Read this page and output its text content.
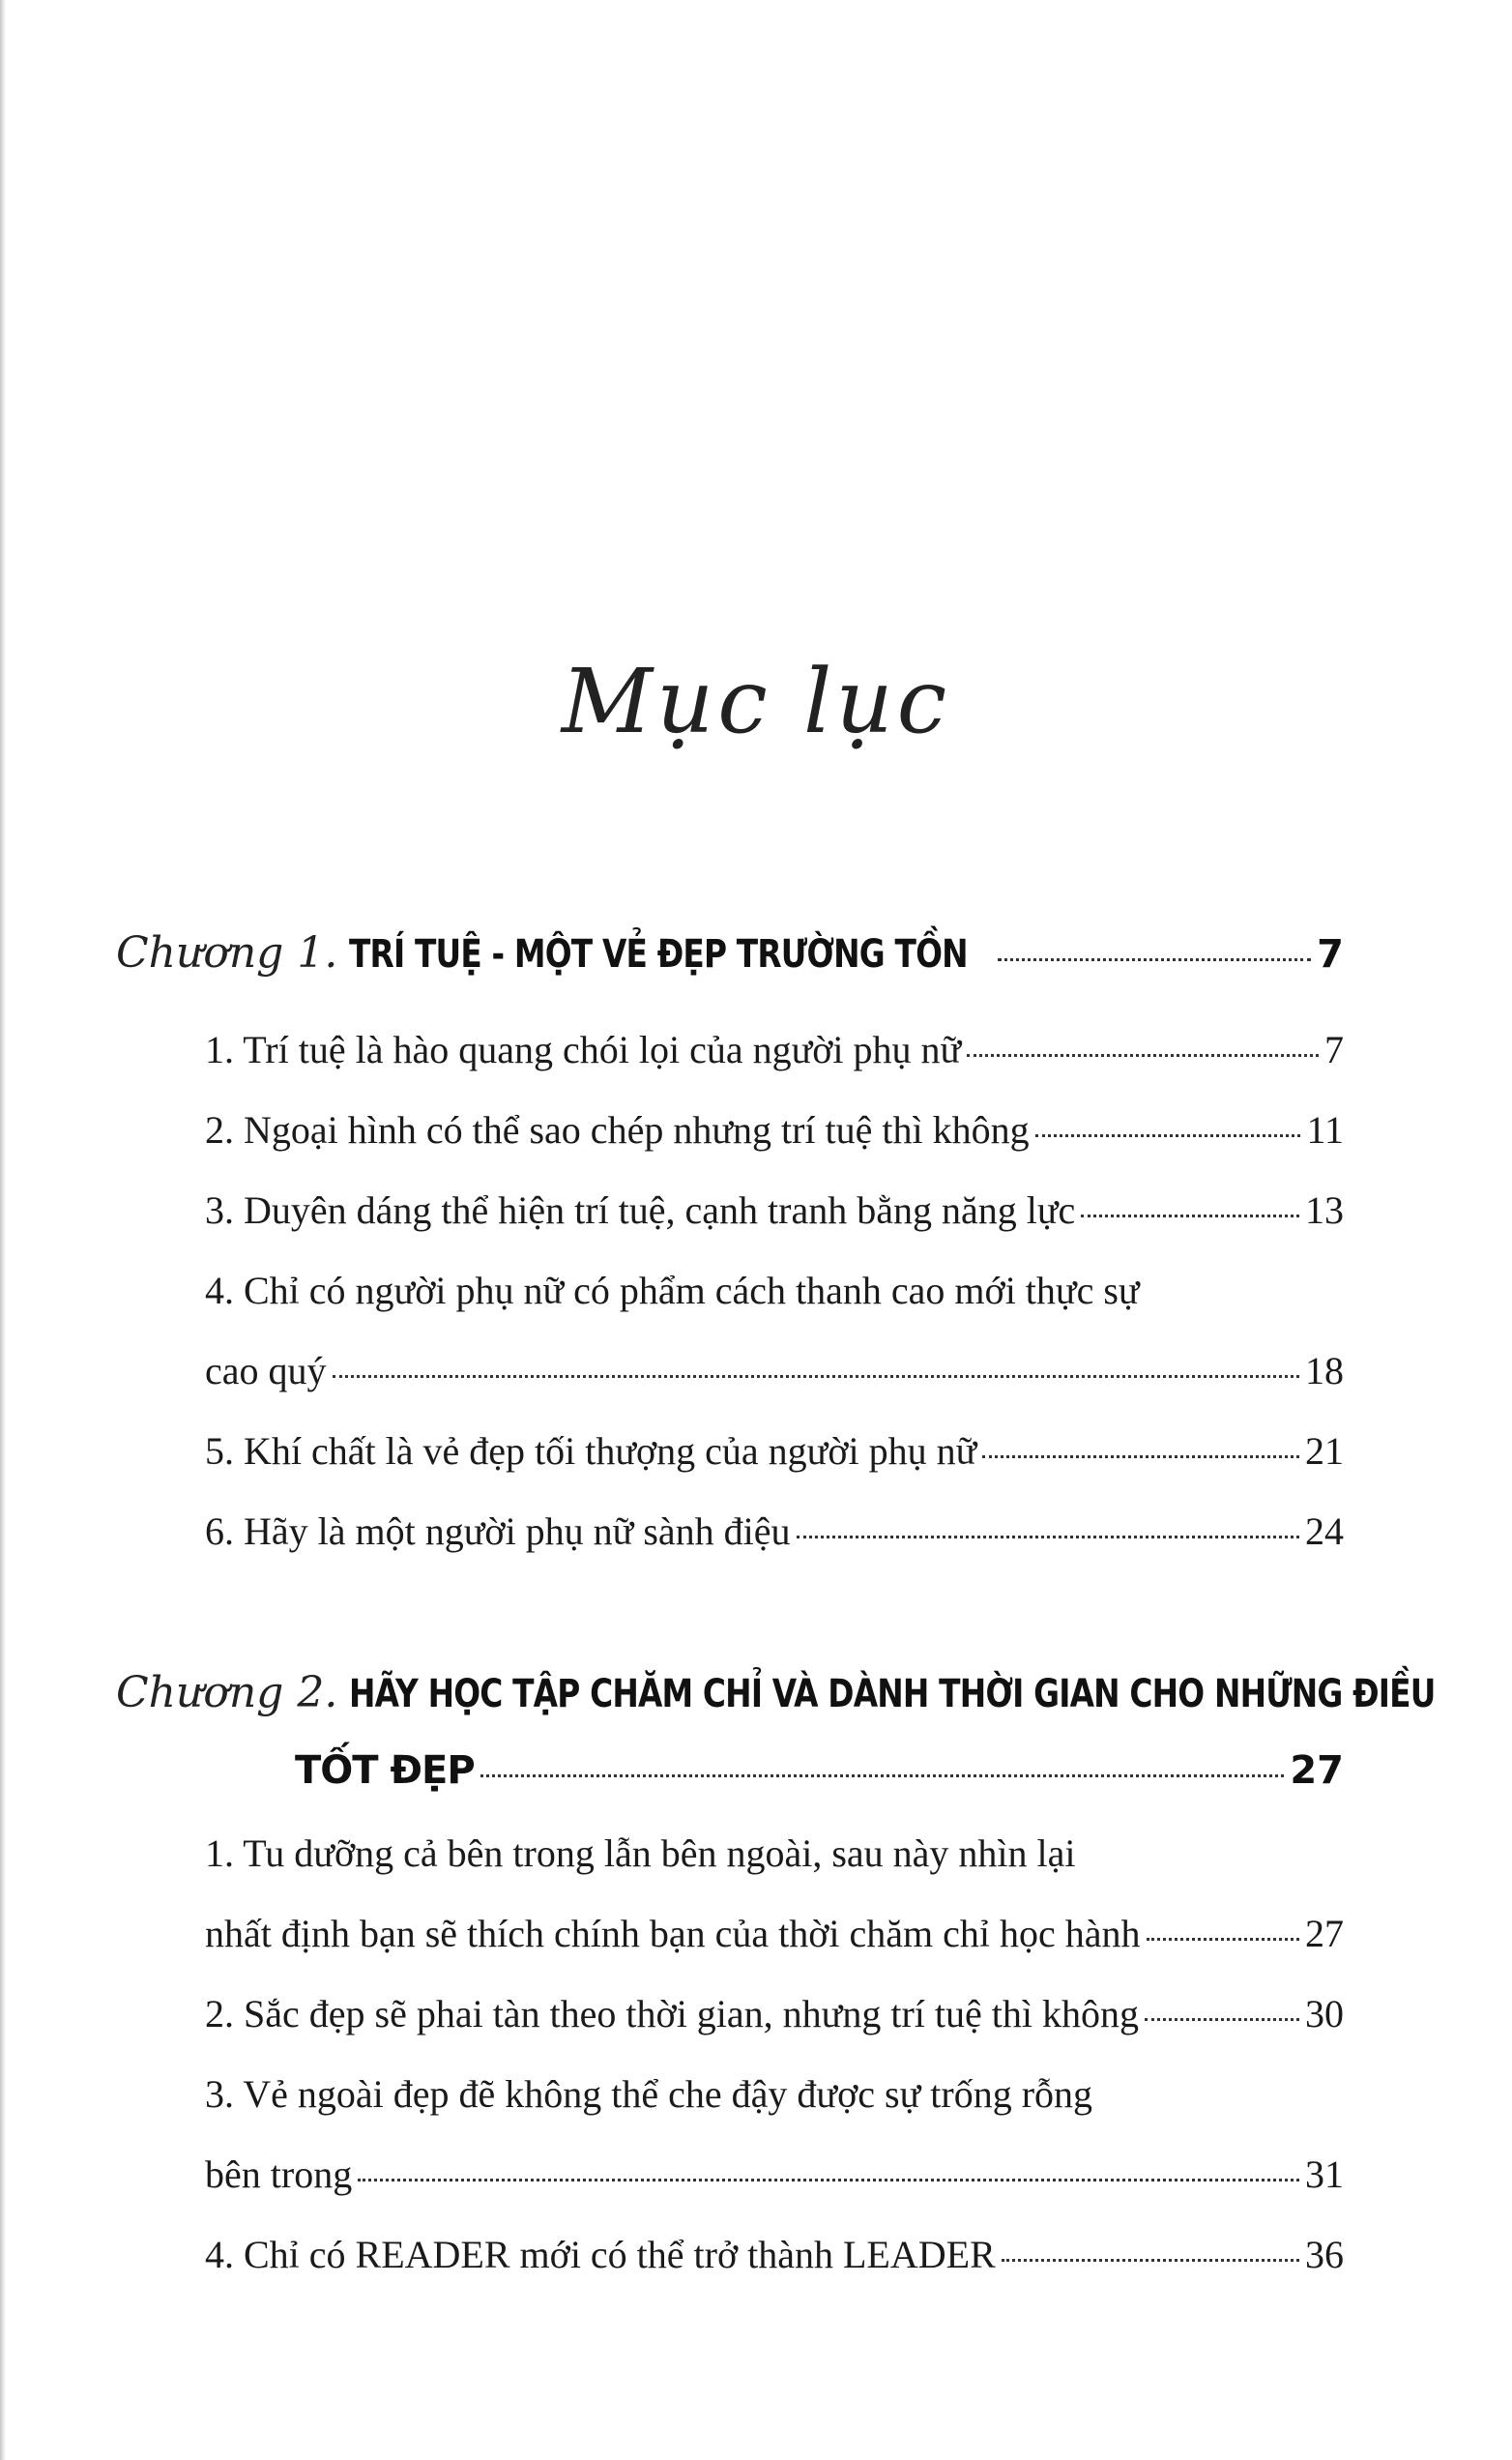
Mục lục
Chương 1. TRÍ TUỆ - MỘT VẺ ĐẸP TRƯỜNG TỒN	7
1. Trí tuệ là hào quang chói lọi của người phụ nữ	7
2. Ngoại hình có thể sao chép nhưng trí tuệ thì không	11
3. Duyên dáng thể hiện trí tuệ, cạnh tranh bằng năng lực	13
4. Chỉ có người phụ nữ có phẩm cách thanh cao mới thực sự
cao quý	18
5. Khí chất là vẻ đẹp tối thượng của người phụ nữ	21
6. Hãy là một người phụ nữ sành điệu	24
Chương 2. HÃY HỌC TẬP CHĂM CHỈ VÀ DÀNH THỜI GIAN CHO NHỮNG ĐIỀU
TỐT ĐẸP	27
1. Tu dưỡng cả bên trong lẫn bên ngoài, sau này nhìn lại
nhất định bạn sẽ thích chính bạn của thời chăm chỉ học hành	27
2. Sắc đẹp sẽ phai tàn theo thời gian, nhưng trí tuệ thì không	30
3. Vẻ ngoài đẹp đẽ không thể che đậy được sự trống rỗng
bên trong	31
4. Chỉ có READER mới có thể trở thành LEADER	36
